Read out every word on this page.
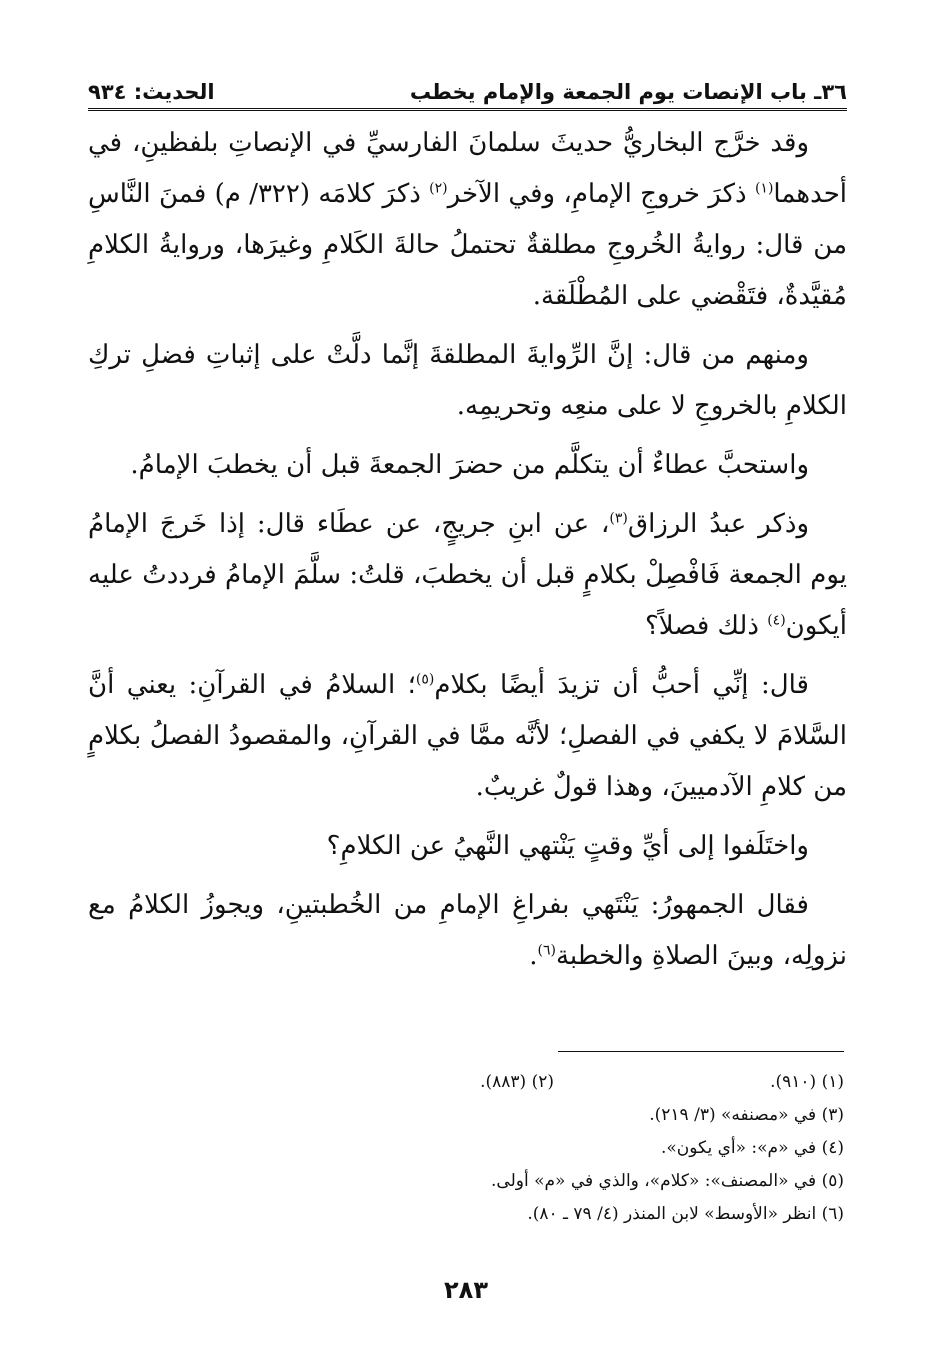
٣٦ـ باب الإنصات يوم الجمعة والإمام يخطب
الحديث: ٩٣٤

وقد خرَّج البخاريُّ حديثَ سلمانَ الفارسيِّ في الإنصاتِ بلفظينِ، في أحدهما$^{(١)}$ ذكرَ خروجِ الإمامِ، وفي الآخر$^{(٢)}$ ذكرَ كلامَه (٣٢٢/ م) فمنَ النَّاسِ من قال: روايةُ الخُروجِ مطلقةٌ تحتملُ حالةَ الكَلامِ وغيرَها، وروايةُ الكلامِ مُقيَّدةٌ، فتَقْضي على المُطْلَقة.

ومنهم من قال: إنَّ الرِّوايةَ المطلقةَ إنَّما دلَّتْ على إثباتِ فضلِ تركِ الكلامِ بالخروجِ لا على منعِه وتحريمِه.

واستحبَّ عطاءٌ أن يتكلَّم من حضرَ الجمعةَ قبل أن يخطبَ الإمامُ.

وذكر عبدُ الرزاق$^{(٣)}$، عن ابنِ جريجٍ، عن عطَاء قال: إذا خَرجَ الإمامُ يوم الجمعة فَافْصِلْ بكلامٍ قبل أن يخطبَ، قلتُ: سلَّمَ الإمامُ فرددتُ عليه أيكون$^{(٤)}$ ذلك فصلاً؟

قال: إنِّي أحبُّ أن تزيدَ أيضًا بكلام$^{(٥)}$؛ السلامُ في القرآنِ: يعني أنَّ السَّلامَ لا يكفي في الفصلِ؛ لأنَّه ممَّا في القرآنِ، والمقصودُ الفصلُ بكلامٍ من كلامِ الآدميينَ، وهذا قولٌ غريبٌ.

واختَلَفوا إلى أيِّ وقتٍ يَنْتهي النَّهيُ عن الكلامِ؟

فقال الجمهورُ: يَنْتَهي بفراغِ الإمامِ من الخُطبتينِ، ويجوزُ الكلامُ مع نزولِه، وبينَ الصلاةِ والخطبة$^{(٦)}$.

(١) (٩١٠).
(٢) (٨٨٣).
(٣) في «مصنفه» (٣/ ٢١٩).
(٤) في «م»: «أي يكون».
(٥) في «المصنف»: «كلام»، والذي في «م» أولى.
(٦) انظر «الأوسط» لابن المنذر (٤/ ٧٩ ـ ٨٠).
٢٨٣
